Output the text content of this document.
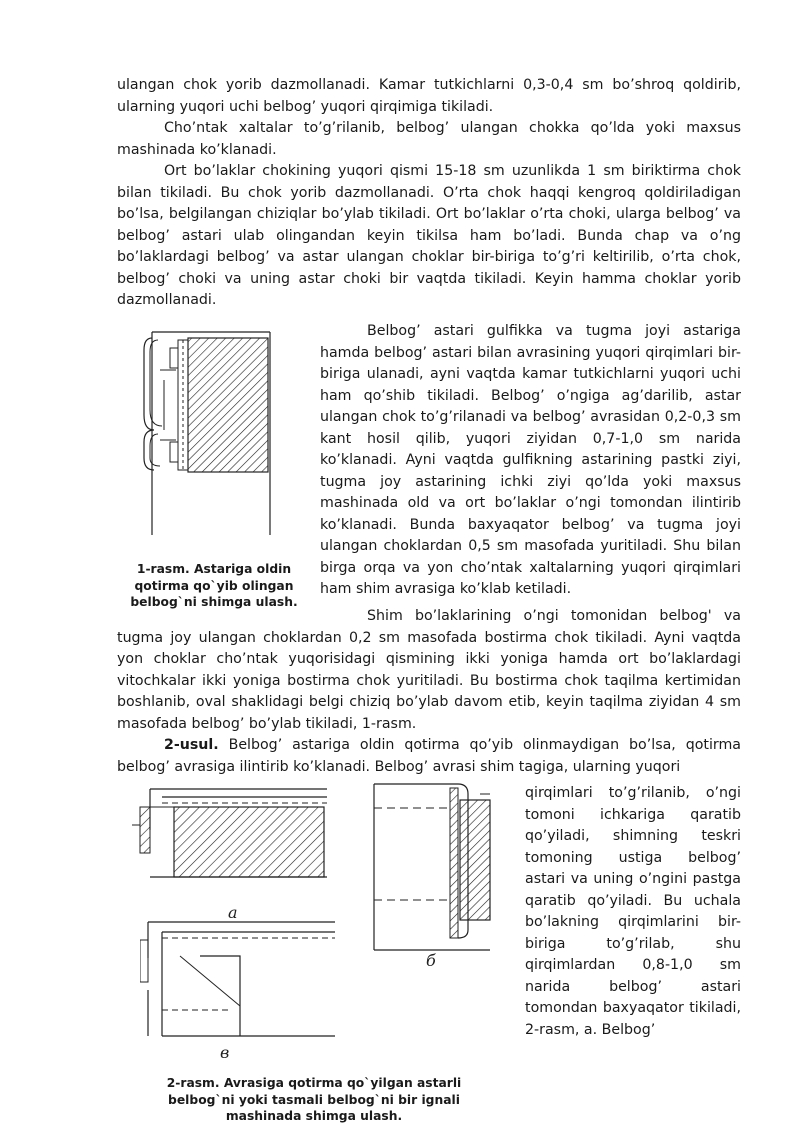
ulangan chok yorib dazmollanadi. Kamar tutkichlarni 0,3-0,4 sm bo’shroq qoldirib, ularning yuqori uchi belbog’ yuqori qirqimiga tikiladi.

Cho’ntak xaltalar to’g’rilanib, belbog’ ulangan chokka qo’lda yoki maxsus mashinada ko’klanadi.

Ort bo’laklar chokining yuqori qismi 15-18 sm uzunlikda 1 sm biriktirma chok bilan tikiladi. Bu chok yorib dazmollanadi. O’rta chok haqqi kengroq qoldiriladigan bo’lsa, belgilangan chiziqlar bo’ylab tikiladi. Ort bo’laklar o’rta choki, ularga belbog’ va belbog’ astari ulab olingandan keyin tikilsa ham bo’ladi. Bunda chap va o’ng bo’laklardagi belbog’ va astar ulangan choklar bir-biriga to’g’ri keltirilib, o’rta chok, belbog’ choki va uning astar choki bir vaqtda tikiladi. Keyin hamma choklar yorib dazmollanadi.

1-rasm. Astariga oldin qotirma qo`yib olingan belbog`ni shimga ulash.

Belbog’ astari gulfikka va tugma joyi astariga hamda belbog’ astari bilan avrasining yuqori qirqimlari bir-biriga ulanadi, ayni vaqtda kamar tutkichlarni yuqori uchi ham qo’shib tikiladi. Belbog’ o’ngiga ag’darilib, astar ulangan chok to’g’rilanadi va belbog’ avrasidan 0,2-0,3 sm kant hosil qilib, yuqori ziyidan 0,7-1,0 sm narida ko’klanadi. Ayni vaqtda gulfikning astarining pastki ziyi, tugma joy astarining ichki ziyi qo’lda yoki maxsus mashinada old va ort bo’laklar o’ngi tomondan ilintirib ko’klanadi. Bunda baxyaqator belbog’ va tugma joyi ulangan choklardan 0,5 sm masofada yuritiladi. Shu bilan birga orqa va yon cho’ntak xaltalarning yuqori qirqimlari ham shim avrasiga ko’klab ketiladi.

Shim bo’laklarining o’ngi tomonidan belbog' va tugma joy ulangan choklardan 0,2 sm masofada bostirma chok tikiladi. Ayni vaqtda yon choklar cho’ntak yuqorisidagi qismining ikki yoniga hamda ort bo’laklardagi vitochkalar ikki yoniga bostirma chok yuritiladi. Bu bostirma chok taqilma kertimidan boshlanib, oval shaklidagi belgi chiziq bo’ylab davom etib, keyin taqilma ziyidan 4 sm masofada belbog’ bo’ylab tikiladi, 1-rasm.

2-usul. Belbog’ astariga oldin qotirma qo’yib olinmaydigan bo’lsa, qotirma belbog’ avrasiga ilintirib ko’klanadi. Belbog’ avrasi shim tagiga, ularning yuqori

а
б
в
2-rasm. Avrasiga qotirma qo`yilgan astarli belbog`ni yoki tasmali belbog`ni bir ignali mashinada shimga ulash.

qirqimlari to’g’rilanib, o’ngi tomoni ichkariga qaratib qo’yiladi, shimning teskri tomoning ustiga belbog’ astari va uning o’ngini pastga qaratib qo’yiladi. Bu uchala bo’lakning qirqimlarini bir-biriga to’g’rilab, shu qirqimlardan 0,8-1,0 sm narida belbog’ astari tomondan baxyaqator tikiladi, 2-rasm, a. Belbog’
